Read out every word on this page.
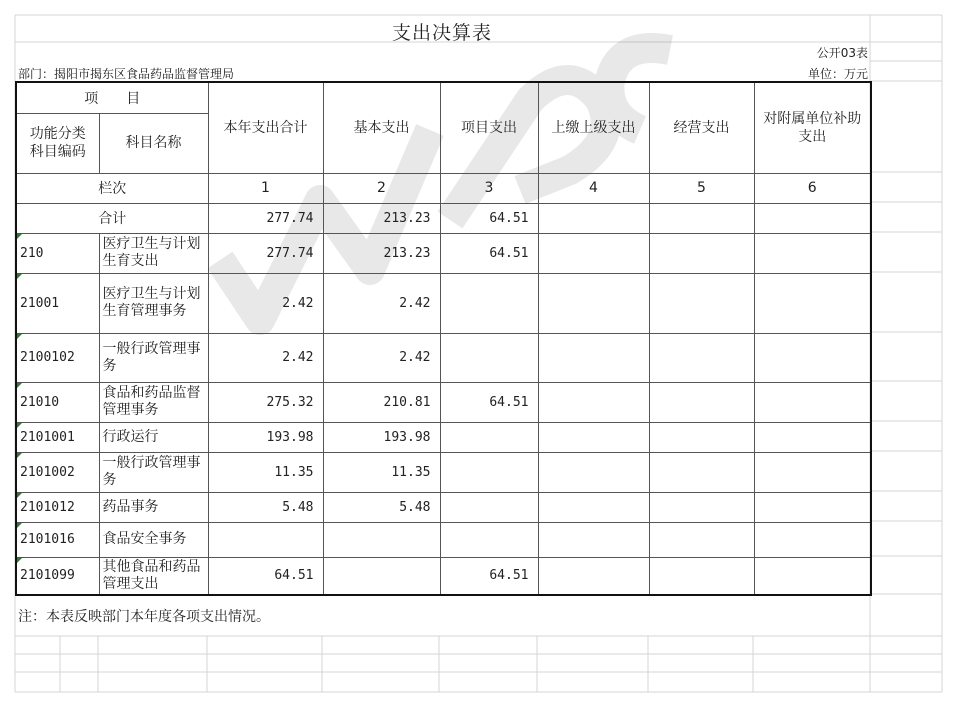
支出决算表
公开03表
部门：揭阳市揭东区食品药品监督管理局	单位：万元
项　　目		本年支出合计	基本支出	项目支出	上缴上级支出	经营支出	对附属单位补助支出
功能分类
科目编码	科目名称						
栏次		1	2	3	4	5	6
合计		277.74	213.23	64.51			
210	医疗卫生与计划生育支出	277.74	213.23	64.51			
21001	医疗卫生与计划生育管理事务	2.42	2.42				
2100102	一般行政管理事务	2.42	2.42				
21010	食品和药品监督管理事务	275.32	210.81	64.51			
2101001	行政运行	193.98	193.98				
2101002	一般行政管理事务	11.35	11.35				
2101012	药品事务	5.48	5.48				
2101016	食品安全事务						
2101099	其他食品和药品管理支出	64.51		64.51			
注：本表反映部门本年度各项支出情况。
